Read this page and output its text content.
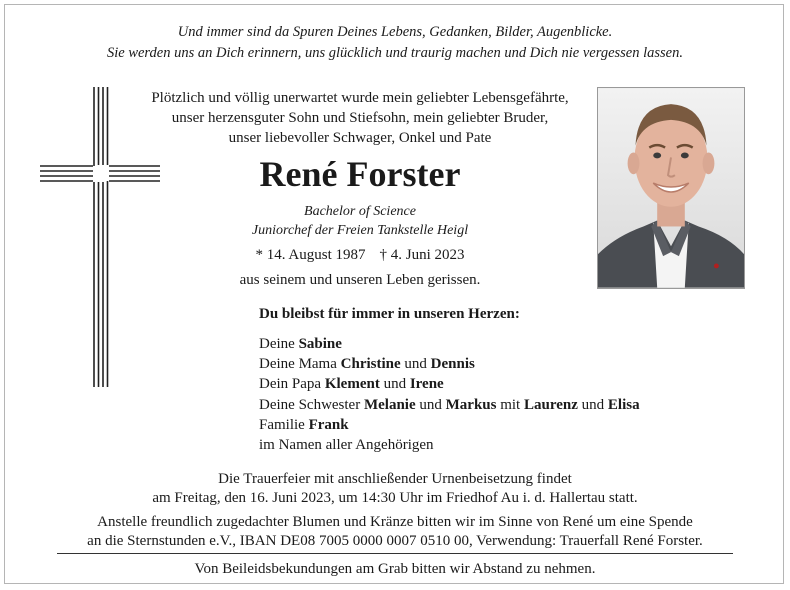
Und immer sind da Spuren Deines Lebens, Gedanken, Bilder, Augenblicke.
Sie werden uns an Dich erinnern, uns glücklich und traurig machen und Dich nie vergessen lassen.
Plötzlich und völlig unerwartet wurde mein geliebter Lebensgefährte,
unser herzensguter Sohn und Stiefsohn, mein geliebter Bruder,
unser liebevoller Schwager, Onkel und Pate
René Forster
Bachelor of Science
Juniorchef der Freien Tankstelle Heigl
* 14. August 1987 † 4. Juni 2023
aus seinem und unseren Leben gerissen.
Du bleibst für immer in unseren Herzen:
Deine Sabine
Deine Mama Christine und Dennis
Dein Papa Klement und Irene
Deine Schwester Melanie und Markus mit Laurenz und Elisa
Familie Frank
im Namen aller Angehörigen
Die Trauerfeier mit anschließender Urnenbeisetzung findet
am Freitag, den 16. Juni 2023, um 14:30 Uhr im Friedhof Au i. d. Hallertau statt.
Anstelle freundlich zugedachter Blumen und Kränze bitten wir im Sinne von René um eine Spende
an die Sternstunden e.V., IBAN DE08 7005 0000 0007 0510 00, Verwendung: Trauerfall René Forster.
Von Beileidsbekundungen am Grab bitten wir Abstand zu nehmen.
